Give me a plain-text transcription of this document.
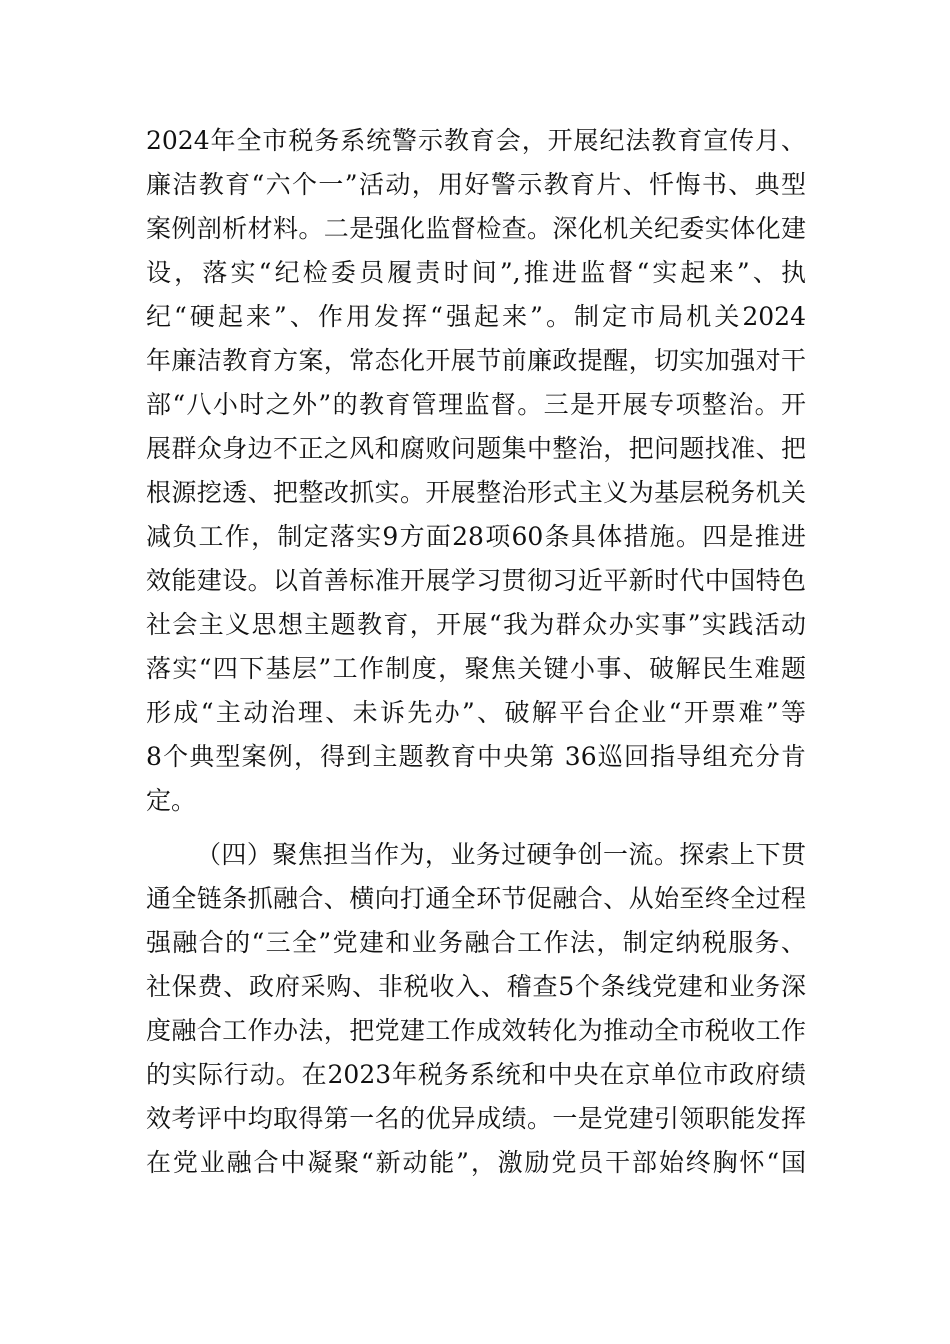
2024年全市税务系统警示教育会，开展纪法教育宣传月、
廉洁教育“六个一”活动，用好警示教育片、忏悔书、典型
案例剖析材料。二是强化监督检查。深化机关纪委实体化建
设，落实“纪检委员履责时间”,推进监督“实起来”、执
纪“硬起来”、作用发挥“强起来”。制定市局机关2024
年廉洁教育方案，常态化开展节前廉政提醒，切实加强对干
部“八小时之外”的教育管理监督。三是开展专项整治。开
展群众身边不正之风和腐败问题集中整治，把问题找准、把
根源挖透、把整改抓实。开展整治形式主义为基层税务机关
减负工作，制定落实9方面28项60条具体措施。四是推进
效能建设。以首善标准开展学习贯彻习近平新时代中国特色
社会主义思想主题教育，开展“我为群众办实事”实践活动
落实“四下基层”工作制度，聚焦关键小事、破解民生难题
形成“主动治理、未诉先办”、破解平台企业“开票难”等
8个典型案例，得到主题教育中央第 36巡回指导组充分肯
定。
（四）聚焦担当作为，业务过硬争创一流。探索上下贯
通全链条抓融合、横向打通全环节促融合、从始至终全过程
强融合的“三全”党建和业务融合工作法，制定纳税服务、
社保费、政府采购、非税收入、稽查5个条线党建和业务深
度融合工作办法，把党建工作成效转化为推动全市税收工作
的实际行动。在2023年税务系统和中央在京单位市政府绩
效考评中均取得第一名的优异成绩。一是党建引领职能发挥
在党业融合中凝聚“新动能”，激励党员干部始终胸怀“国
